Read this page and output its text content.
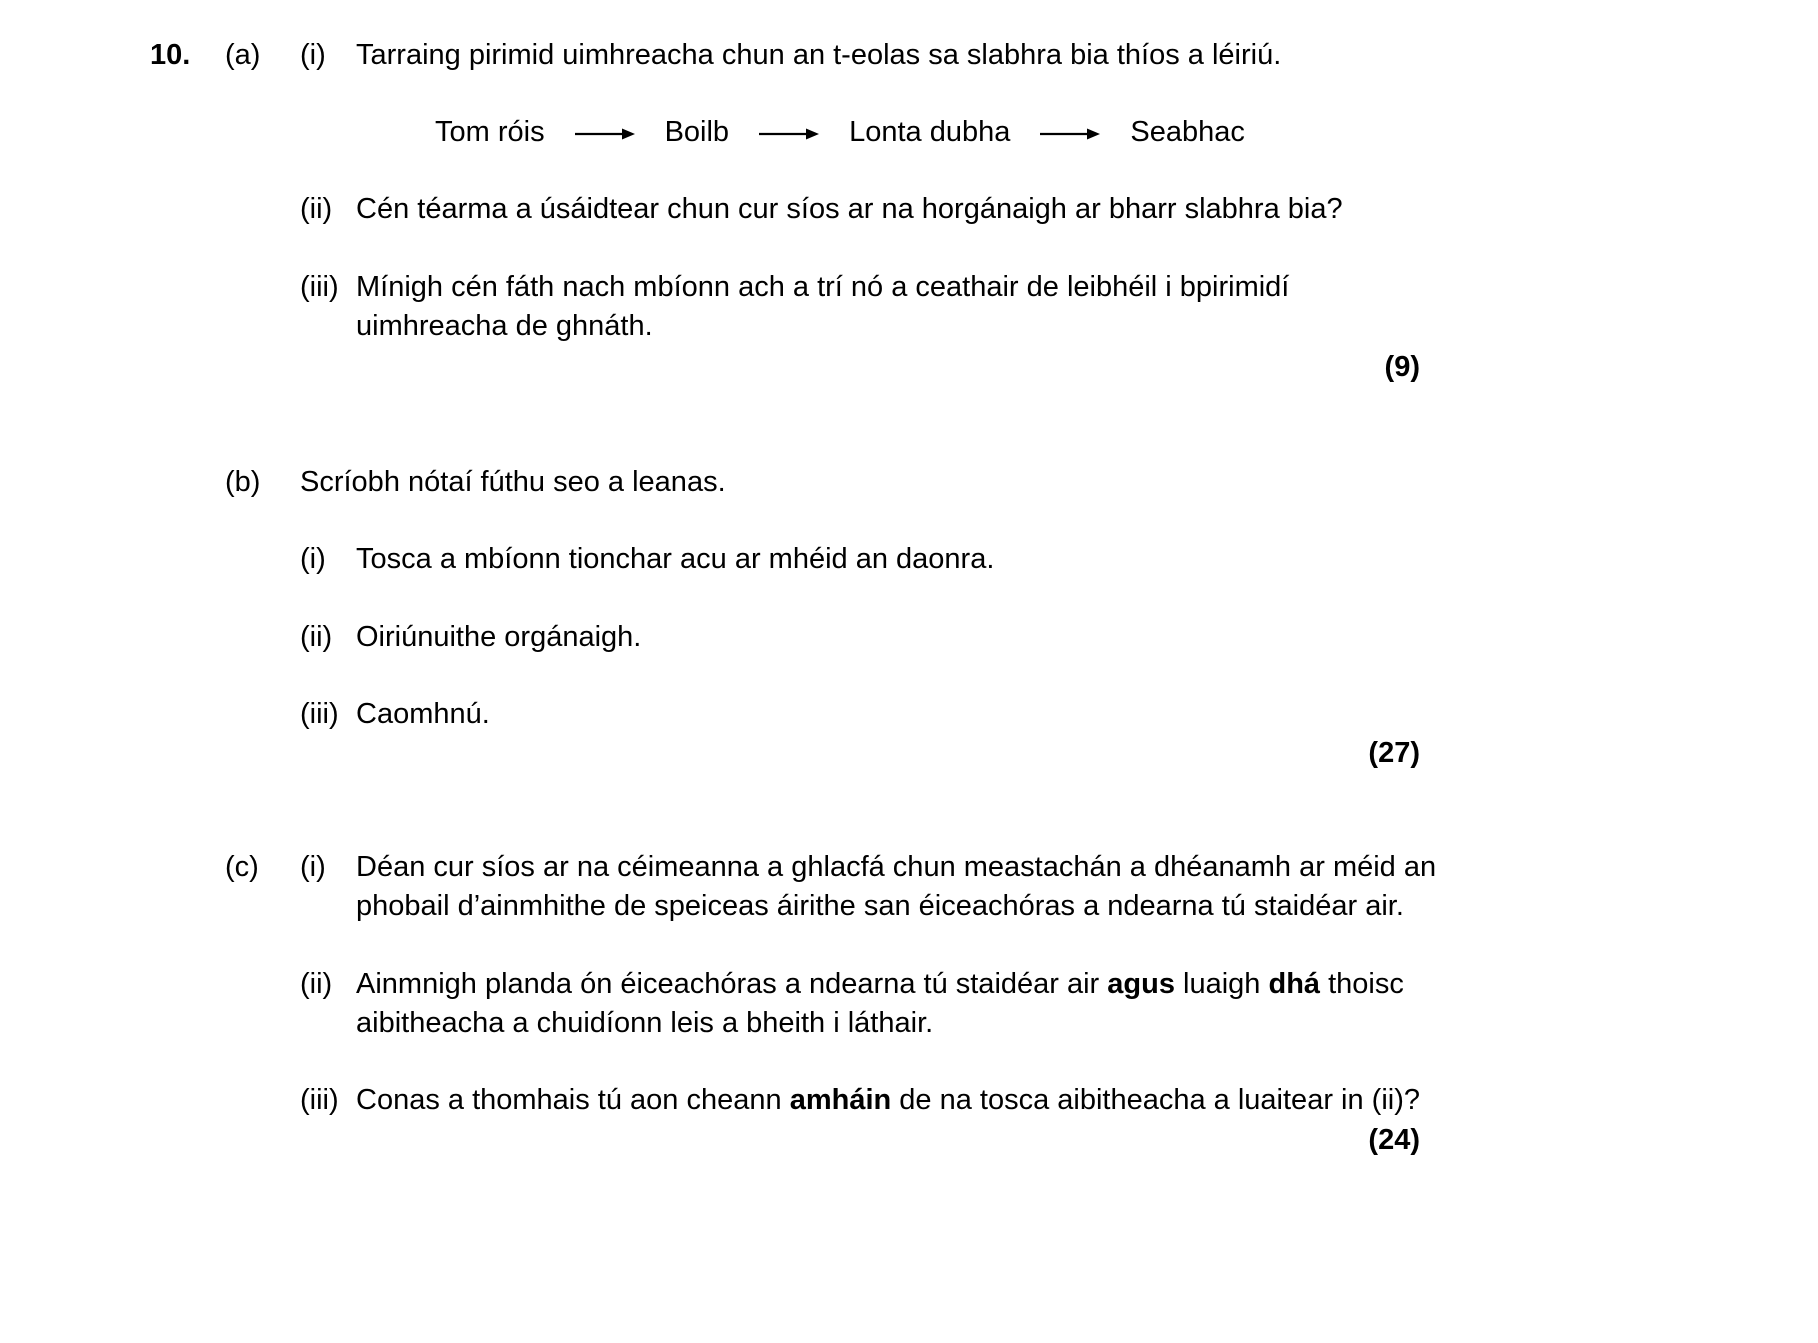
10.	(a)	(i)	Tarraing pirimid uimhreacha chun an t-eolas sa slabhra bia thíos a léiriú.
Tom róis	Boilb	Lonta dubha	Seabhac
(ii) Cén téarma a úsáidtear chun cur síos ar na horgánaigh ar bharr slabhra bia?
(iii) Mínigh cén fáth nach mbíonn ach a trí nó a ceathair de leibhéil i bpirimidí
uimhreacha de ghnáth.
(9)
(b)	Scríobh nótaí fúthu seo a leanas.
(i)	Tosca a mbíonn tionchar acu ar mhéid an daonra.
(ii) Oiriúnuithe orgánaigh.
(iii) Caomhnú.
(27)
(c)	(i)	Déan cur síos ar na céimeanna a ghlacfá chun meastachán a dhéanamh ar méid an
phobail d’ainmhithe de speiceas áirithe san éiceachóras a ndearna tú staidéar air.
(ii) Ainmnigh planda ón éiceachóras a ndearna tú staidéar air agus luaigh dhá thoisc
aibitheacha a chuidíonn leis a bheith i láthair.
(iii) Conas a thomhais tú aon cheann amháin de na tosca aibitheacha a luaitear in (ii)?
(24)
